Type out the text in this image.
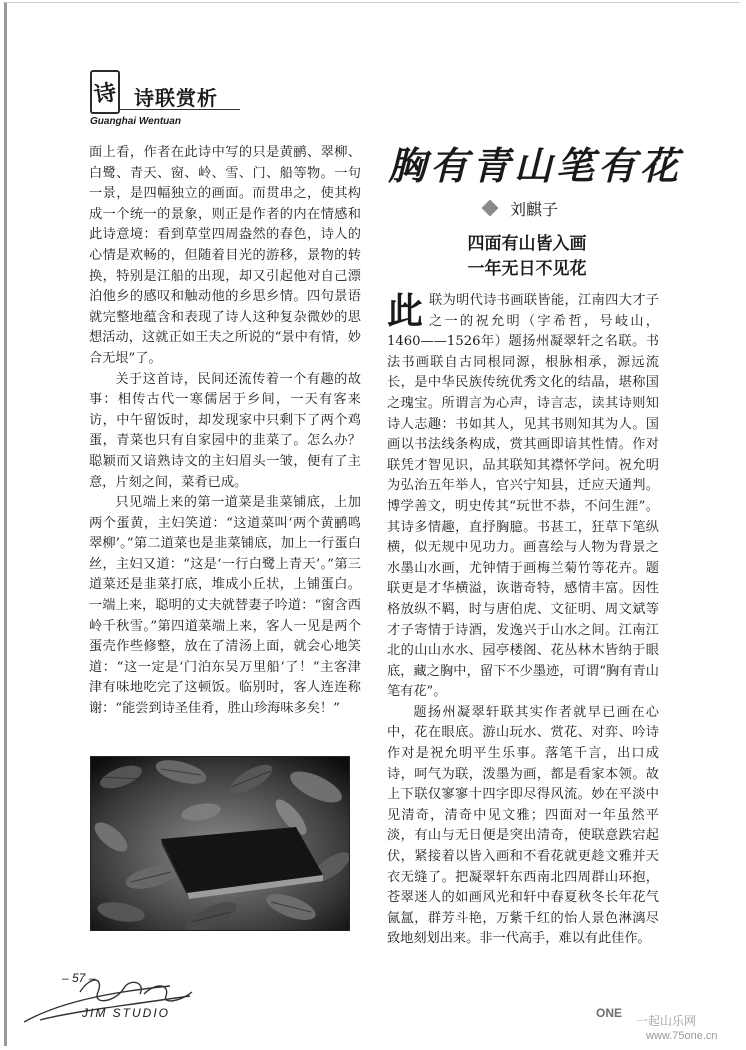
诗 诗联赏析
Guanghai Wentuan

面上看，作者在此诗中写的只是黄鹂、翠柳、白鹭、青天、窗、岭、雪、门、船等物。一句一景，是四幅独立的画面。而贯串之，使其构成一个统一的景象，则正是作者的内在情感和此诗意境：看到草堂四周盎然的春色，诗人的心情是欢畅的，但随着目光的游移，景物的转换，特别是江船的出现，却又引起他对自己漂泊他乡的感叹和触动他的乡思乡情。四句景语就完整地蕴含和表现了诗人这种复杂微妙的思想活动，这就正如王夫之所说的“景中有情，妙合无垠”了。

关于这首诗，民间还流传着一个有趣的故事：相传古代一寒儒居于乡间，一天有客来访，中午留饭时，却发现家中只剩下了两个鸡蛋，青菜也只有自家园中的韭菜了。怎么办？聪颖而又谙熟诗文的主妇眉头一皱，便有了主意，片刻之间，菜肴已成。

只见端上来的第一道菜是韭菜铺底，上加两个蛋黄，主妇笑道：“这道菜叫‘两个黄鹂鸣翠柳’。”第二道菜也是韭菜铺底，加上一行蛋白丝，主妇又道：“这是‘一行白鹭上青天’。”第三道菜还是韭菜打底，堆成小丘状，上铺蛋白。一端上来，聪明的丈夫就替妻子吟道：“窗含西岭千秋雪。”第四道菜端上来，客人一见是两个蛋壳作些修整，放在了清汤上面，就会心地笑道：“这一定是‘门泊东吴万里船’了！”主客津津有味地吃完了这顿饭。临别时，客人连连称谢：“能尝到诗圣佳肴，胜山珍海味多矣！”

胸有青山笔有花
刘麒子
四面有山皆入画
一年无日不见花

此联为明代诗书画联皆能，江南四大才子之一的祝允明（字希哲，号岐山，1460——1526年）题扬州凝翠轩之名联。书法书画联自古同根同源，根脉相承，源远流长，是中华民族传统优秀文化的结晶，堪称国之瑰宝。所谓言为心声，诗言志，读其诗则知诗人志趣：书如其人，见其书则知其为人。国画以书法线条构成，赏其画即谙其性情。作对联凭才智见识，品其联知其襟怀学问。祝允明为弘治五年举人，官兴宁知县，迁应天通判。博学善文，明史传其“玩世不恭，不问生涯”。其诗多情趣，直抒胸臆。书甚工，狂草下笔纵横，似无规中见功力。画喜绘与人物为背景之水墨山水画，尤钟情于画梅兰菊竹等花卉。题联更是才华横溢，诙谐奇特，感情丰富。因性格放纵不羁，时与唐伯虎、文征明、周文斌等才子寄情于诗酒，发逸兴于山水之间。江南江北的山山水水、园亭楼阁、花丛林木皆纳于眼底，藏之胸中，留下不少墨迹，可谓“胸有青山笔有花”。

题扬州凝翠轩联其实作者就早已画在心中，花在眼底。游山玩水、赏花、对弈、吟诗作对是祝允明平生乐事。落笔千言，出口成诗，呵气为联，泼墨为画，都是看家本领。故上下联仅寥寥十四字即尽得风流。妙在平淡中见清奇，清奇中见文雅；四面对一年虽然平淡，有山与无日便是突出清奇，使联意跌宕起伏，紧接着以皆入画和不看花就更趁文雅并天衣无缝了。把凝翠轩东西南北四周群山环抱，苍翠迷人的如画风光和轩中春夏秋冬长年花气氤氲，群芳斗艳，万紫千红的怡人景色淋漓尽致地刻划出来。非一代高手，难以有此佳作。

– 57 –
JIM STUDIO	ONE
一起山乐网
www.75one.cn
